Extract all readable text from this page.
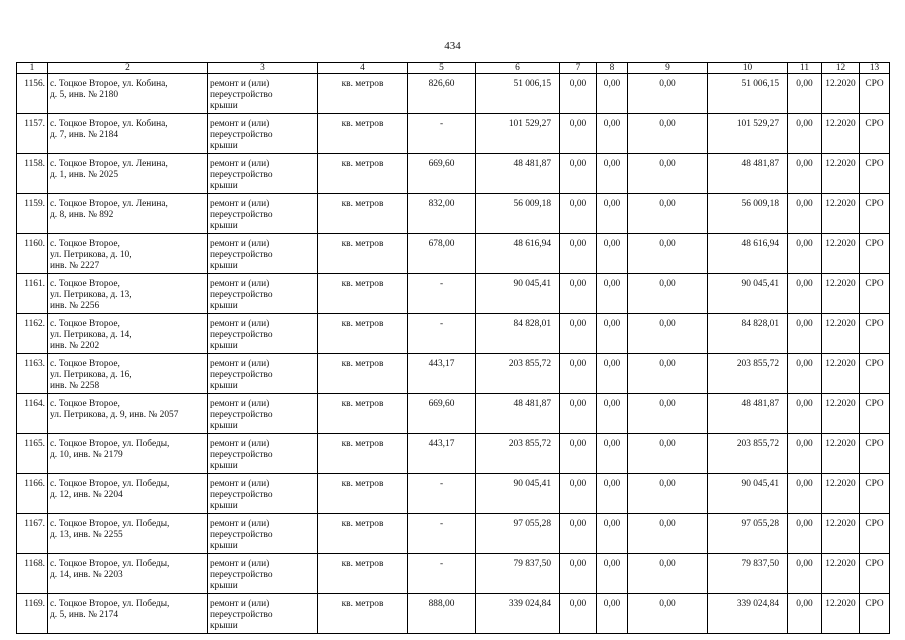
434
1	2	3	4	5	6	7	8	9	10	11	12	13
1156.	с. Тоцкое Второе, ул. Кобина,
д. 5, инв. № 2180	ремонт и (или)
переустройство
крыши	кв. метров	826,60	51 006,15	0,00	0,00	0,00	51 006,15	0,00	12.2020	СРО
1157.	с. Тоцкое Второе, ул. Кобина,
д. 7, инв. № 2184	ремонт и (или)
переустройство
крыши	кв. метров	-	101 529,27	0,00	0,00	0,00	101 529,27	0,00	12.2020	СРО
1158.	с. Тоцкое Второе, ул. Ленина,
д. 1, инв. № 2025	ремонт и (или)
переустройство
крыши	кв. метров	669,60	48 481,87	0,00	0,00	0,00	48 481,87	0,00	12.2020	СРО
1159.	с. Тоцкое Второе, ул. Ленина,
д. 8, инв. № 892	ремонт и (или)
переустройство
крыши	кв. метров	832,00	56 009,18	0,00	0,00	0,00	56 009,18	0,00	12.2020	СРО
1160.	с. Тоцкое Второе,
ул. Петрикова, д. 10,
инв. № 2227	ремонт и (или)
переустройство
крыши	кв. метров	678,00	48 616,94	0,00	0,00	0,00	48 616,94	0,00	12.2020	СРО
1161.	с. Тоцкое Второе,
ул. Петрикова, д. 13,
инв. № 2256	ремонт и (или)
переустройство
крыши	кв. метров	-	90 045,41	0,00	0,00	0,00	90 045,41	0,00	12.2020	СРО
1162.	с. Тоцкое Второе,
ул. Петрикова, д. 14,
инв. № 2202	ремонт и (или)
переустройство
крыши	кв. метров	-	84 828,01	0,00	0,00	0,00	84 828,01	0,00	12.2020	СРО
1163.	с. Тоцкое Второе,
ул. Петрикова, д. 16,
инв. № 2258	ремонт и (или)
переустройство
крыши	кв. метров	443,17	203 855,72	0,00	0,00	0,00	203 855,72	0,00	12.2020	СРО
1164.	с. Тоцкое Второе,
ул. Петрикова, д. 9, инв. № 2057	ремонт и (или)
переустройство
крыши	кв. метров	669,60	48 481,87	0,00	0,00	0,00	48 481,87	0,00	12.2020	СРО
1165.	с. Тоцкое Второе, ул. Победы,
д. 10, инв. № 2179	ремонт и (или)
переустройство
крыши	кв. метров	443,17	203 855,72	0,00	0,00	0,00	203 855,72	0,00	12.2020	СРО
1166.	с. Тоцкое Второе, ул. Победы,
д. 12, инв. № 2204	ремонт и (или)
переустройство
крыши	кв. метров	-	90 045,41	0,00	0,00	0,00	90 045,41	0,00	12.2020	СРО
1167.	с. Тоцкое Второе, ул. Победы,
д. 13, инв. № 2255	ремонт и (или)
переустройство
крыши	кв. метров	-	97 055,28	0,00	0,00	0,00	97 055,28	0,00	12.2020	СРО
1168.	с. Тоцкое Второе, ул. Победы,
д. 14, инв. № 2203	ремонт и (или)
переустройство
крыши	кв. метров	-	79 837,50	0,00	0,00	0,00	79 837,50	0,00	12.2020	СРО
1169.	с. Тоцкое Второе, ул. Победы,
д. 5, инв. № 2174	ремонт и (или)
переустройство
крыши	кв. метров	888,00	339 024,84	0,00	0,00	0,00	339 024,84	0,00	12.2020	СРО
